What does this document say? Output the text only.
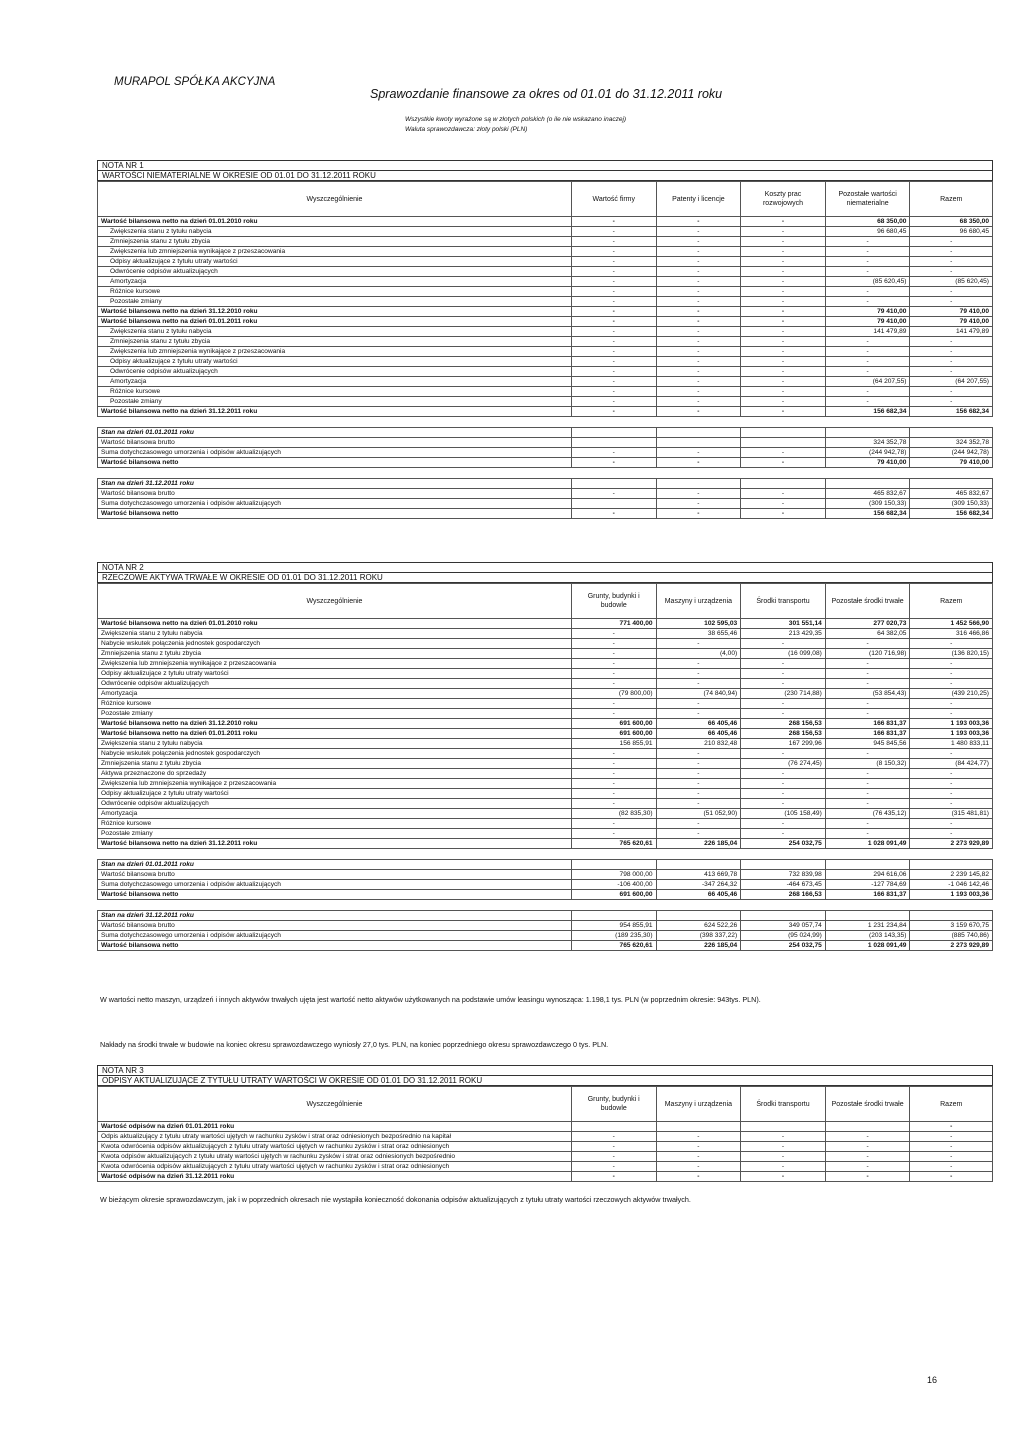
MURAPOL SPÓŁKA AKCYJNA
Sprawozdanie finansowe za okres od 01.01 do 31.12.2011 roku
Wszystkie kwoty wyrażone są w złotych polskich (o ile nie wskazano inaczej)
Waluta sprawozdawcza: złoty polski (PLN)
NOTA NR 1
WARTOŚCI NIEMATERIALNE W OKRESIE OD 01.01 DO 31.12.2011 ROKU
Wyszczególnienie	Wartość firmy	Patenty i licencje	Koszty prac rozwojowych	Pozostałe wartości niematerialne	Razem
Wartość bilansowa netto na dzień 01.01.2010 roku	-	-	-	68 350,00	68 350,00
Zwiększenia stanu z tytułu nabycia	-	-	-	96 680,45	96 680,45
Zmniejszenia stanu z tytułu zbycia	-	-	-	-	-
Zwiększenia lub zmniejszenia wynikające z przeszacowania	-	-	-	-	-
Odpisy aktualizujące z tytułu utraty wartości	-	-	-	-	-
Odwrócenie odpisów aktualizujących	-	-	-	-	-
Amortyzacja	-	-	-	(85 620,45)	(85 620,45)
Różnice kursowe	-	-	-	-	-
Pozostałe zmiany	-	-	-	-	-
Wartość bilansowa netto na dzień 31.12.2010 roku	-	-	-	79 410,00	79 410,00
Wartość bilansowa netto na dzień 01.01.2011 roku	-	-	-	79 410,00	79 410,00
Zwiększenia stanu z tytułu nabycia	-	-	-	141 479,89	141 479,89
Zmniejszenia stanu z tytułu zbycia	-	-	-	-	-
Zwiększenia lub zmniejszenia wynikające z przeszacowania	-	-	-	-	-
Odpisy aktualizujące z tytułu utraty wartości	-	-	-	-	-
Odwrócenie odpisów aktualizujących	-	-	-	-	-
Amortyzacja	-	-	-	(64 207,55)	(64 207,55)
Różnice kursowe	-	-	-	-	-
Pozostałe zmiany	-	-	-	-	-
Wartość bilansowa netto na dzień 31.12.2011 roku	-	-	-	156 682,34	156 682,34
Stan na dzień 01.01.2011 roku					
Wartość bilansowa brutto				324 352,78	324 352,78
Suma dotychczasowego umorzenia i odpisów aktualizujących	-	-	-	(244 942,78)	(244 942,78)
Wartość bilansowa netto	-	-	-	79 410,00	79 410,00
Stan na dzień 31.12.2011 roku					
Wartość bilansowa brutto	-	-	-	465 832,67	465 832,67
Suma dotychczasowego umorzenia i odpisów aktualizujących		-	-	(309 150,33)	(309 150,33)
Wartość bilansowa netto	-	-	-	156 682,34	156 682,34
NOTA NR 2
RZECZOWE AKTYWA TRWAŁE W OKRESIE OD 01.01 DO 31.12.2011 ROKU
Wyszczególnienie	Grunty, budynki i budowle	Maszyny i urządzenia	Środki transportu	Pozostałe środki trwałe	Razem
Wartość bilansowa netto na dzień 01.01.2010 roku	771 400,00	102 595,03	301 551,14	277 020,73	1 452 566,90
Zwiększenia stanu z tytułu nabycia	-	38 655,46	213 429,35	64 382,05	316 466,86
Nabycie wskutek połączenia jednostek gospodarczych	-	-	-	-	-
Zmniejszenia stanu z tytułu zbycia	-	(4,00)	(16 099,08)	(120 716,98)	(136 820,15)
Zwiększenia lub zmniejszenia wynikające z przeszacowania	-	-	-	-	-
Odpisy aktualizujące z tytułu utraty wartości	-	-	-	-	-
Odwrócenie odpisów aktualizujących	-	-	-	-	-
Amortyzacja	(79 800,00)	(74 840,94)	(230 714,88)	(53 854,43)	(439 210,25)
Różnice kursowe	-	-	-	-	-
Pozostałe zmiany	-	-	-	-	-
Wartość bilansowa netto na dzień 31.12.2010 roku	691 600,00	66 405,46	268 156,53	166 831,37	1 193 003,36
Wartość bilansowa netto na dzień 01.01.2011 roku	691 600,00	66 405,46	268 156,53	166 831,37	1 193 003,36
Zwiększenia stanu z tytułu nabycia	156 855,91	210 832,48	167 299,96	945 845,56	1 480 833,11
Nabycie wskutek połączenia jednostek gospodarczych	-	-	-	-	-
Zmniejszenia stanu z tytułu zbycia	-	-	(76 274,45)	(8 150,32)	(84 424,77)
Aktywa przeznaczone do sprzedaży	-	-	-	-	-
Zwiększenia lub zmniejszenia wynikające z przeszacowania	-	-	-	-	-
Odpisy aktualizujące z tytułu utraty wartości	-	-	-	-	-
Odwrócenie odpisów aktualizujących	-	-	-	-	-
Amortyzacja	(82 835,30)	(51 052,90)	(105 158,49)	(76 435,12)	(315 481,81)
Różnice kursowe	-	-	-	-	-
Pozostałe zmiany	-	-	-	-	-
Wartość bilansowa netto na dzień 31.12.2011 roku	765 620,61	226 185,04	254 032,75	1 028 091,49	2 273 929,89
Stan na dzień 01.01.2011 roku					
Wartość bilansowa brutto	798 000,00	413 669,78	732 839,98	294 616,06	2 239 145,82
Suma dotychczasowego umorzenia i odpisów aktualizujących	-106 400,00	-347 264,32	-464 673,45	-127 784,69	-1 046 142,46
Wartość bilansowa netto	691 600,00	66 405,46	268 166,53	166 831,37	1 193 003,36
Stan na dzień 31.12.2011 roku					
Wartość bilansowa brutto	954 855,91	624 522,26	349 057,74	1 231 234,84	3 159 670,75
Suma dotychczasowego umorzenia i odpisów aktualizujących	(189 235,30)	(398 337,22)	(95 024,99)	(203 143,35)	(885 740,86)
Wartość bilansowa netto	765 620,61	226 185,04	254 032,75	1 028 091,49	2 273 929,89
W wartości netto maszyn, urządzeń i innych aktywów trwałych ujęta jest wartość netto aktywów użytkowanych na podstawie umów leasingu wynosząca: 1.198,1 tys. PLN (w poprzednim okresie: 943tys. PLN).
Nakłady na środki trwałe w budowie na koniec okresu sprawozdawczego wyniosły 27,0 tys. PLN, na koniec poprzedniego okresu sprawozdawczego 0 tys. PLN.
NOTA NR 3
ODPISY AKTUALIZUJĄCE Z TYTUŁU UTRATY WARTOŚCI W OKRESIE OD 01.01 DO 31.12.2011 ROKU
Wyszczególnienie	Grunty, budynki i budowle	Maszyny i urządzenia	Środki transportu	Pozostałe środki trwałe	Razem
Wartość odpisów na dzień 01.01.2011 roku					-
Odpis aktualizujący z tytułu utraty wartości ujętych w rachunku zysków i strat oraz odniesionych bezpośrednio na kapitał	-	-	-	-	-
Kwota odwrócenia odpisów aktualizujących z tytułu utraty wartości ujętych w rachunku zysków i strat oraz odniesionych	-	-	-	-	-
Kwota odpisów aktualizujących z tytułu utraty wartości ujętych w rachunku zysków i strat oraz odniesionych bezpośrednio	-	-	-	-	-
Kwota odwrócenia odpisów aktualizujących z tytułu utraty wartości ujętych w rachunku zysków i strat oraz odniesionych	-	-	-	-	-
Wartość odpisów na dzień 31.12.2011 roku	-	-	-	-	-
W bieżącym okresie sprawozdawczym, jak i w poprzednich okresach nie wystąpiła konieczność dokonania odpisów aktualizujących z tytułu utraty wartości rzeczowych aktywów trwałych.
16
